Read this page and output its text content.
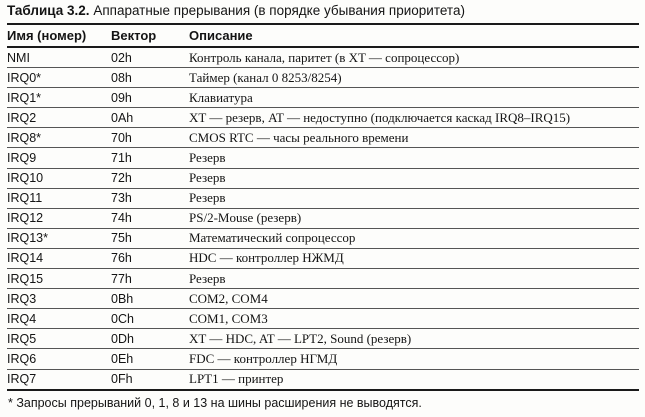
Таблица 3.2. Аппаратные прерывания (в порядке убывания приоритета)
Имя (номер)	Вектор	Описание
NMI	02h	Контроль канала, паритет (в XT — сопроцессор)
IRQ0*	08h	Таймер (канал 0 8253/8254)
IRQ1*	09h	Клавиатура
IRQ2	0Ah	XT — резерв, AT — недоступно (подключается каскад IRQ8–IRQ15)
IRQ8*	70h	CMOS RTC — часы реального времени
IRQ9	71h	Резерв
IRQ10	72h	Резерв
IRQ11	73h	Резерв
IRQ12	74h	PS/2-Mouse (резерв)
IRQ13*	75h	Математический сопроцессор
IRQ14	76h	HDC — контроллер НЖМД
IRQ15	77h	Резерв
IRQ3	0Bh	COM2, COM4
IRQ4	0Ch	COM1, COM3
IRQ5	0Dh	XT — HDC, AT — LPT2, Sound (резерв)
IRQ6	0Eh	FDC — контроллер НГМД
IRQ7	0Fh	LPT1 — принтер
* Запросы прерываний 0, 1, 8 и 13 на шины расширения не выводятся.
